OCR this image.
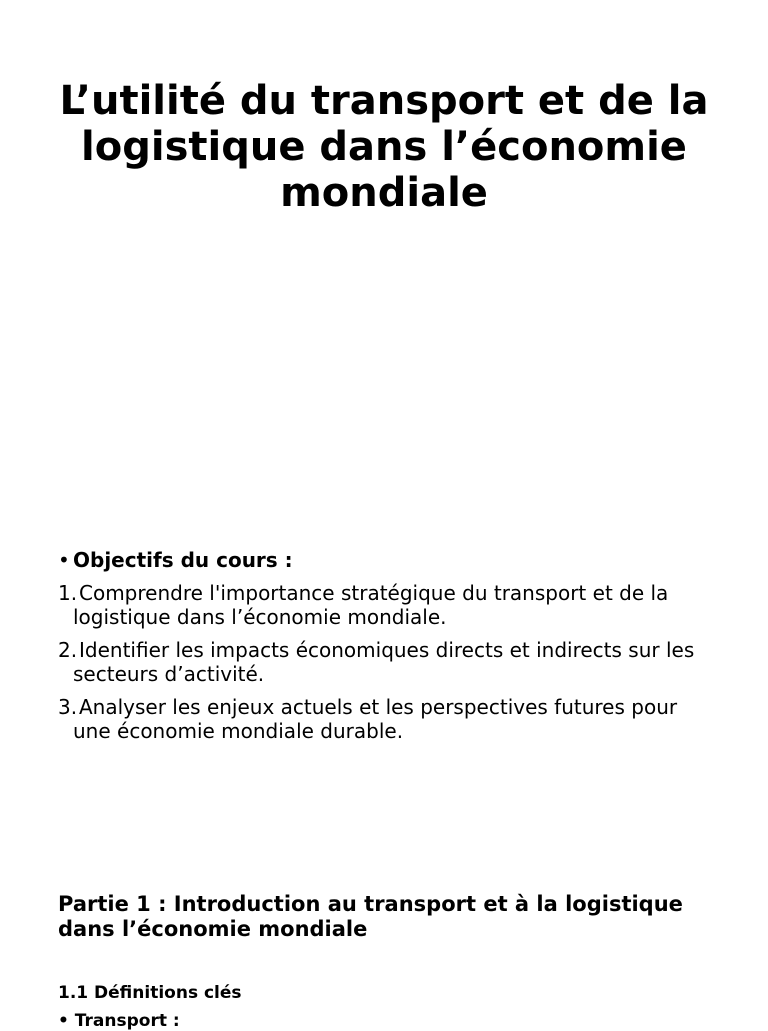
L’utilité du transport et de la logistique dans l’économie mondiale
• Objectifs du cours :
1. Comprendre l'importance stratégique du transport et de la logistique dans l’économie mondiale.
2. Identifier les impacts économiques directs et indirects sur les secteurs d’activité.
3. Analyser les enjeux actuels et les perspectives futures pour une économie mondiale durable.
Partie 1 : Introduction au transport et à la logistique dans l’économie mondiale
1.1 Définitions clés
• Transport :
